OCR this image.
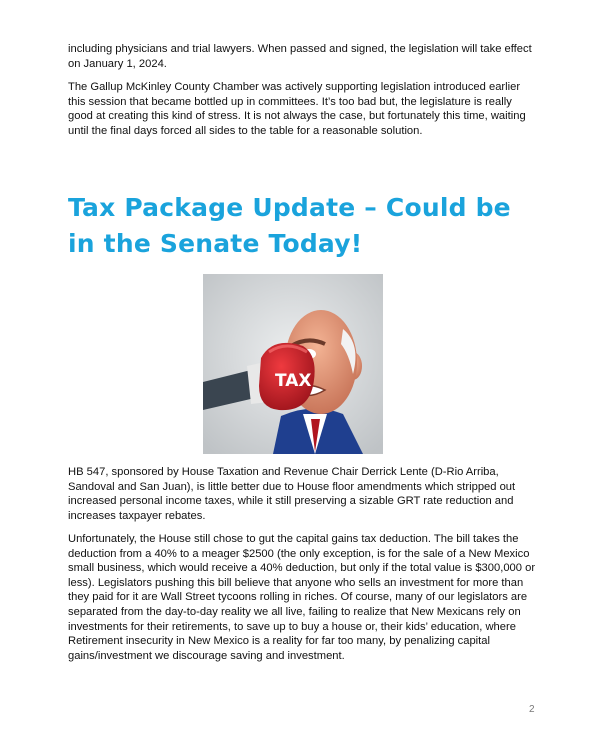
including physicians and trial lawyers. When passed and signed, the legislation will take effect on January 1, 2024.

The Gallup McKinley County Chamber was actively supporting legislation introduced earlier this session that became bottled up in committees. It’s too bad but, the legislature is really good at creating this kind of stress. It is not always the case, but fortunately this time, waiting until the final days forced all sides to the table for a reasonable solution.

Tax Package Update – Could be in the Senate Today!
TAX

HB 547, sponsored by House Taxation and Revenue Chair Derrick Lente (D-Rio Arriba, Sandoval and San Juan), is little better due to House floor amendments which stripped out increased personal income taxes, while it still preserving a sizable GRT rate reduction and increases taxpayer rebates.

Unfortunately, the House still chose to gut the capital gains tax deduction. The bill takes the deduction from a 40% to a meager $2500 (the only exception, is for the sale of a New Mexico small business, which would receive a 40% deduction, but only if the total value is $300,000 or less). Legislators pushing this bill believe that anyone who sells an investment for more than they paid for it are Wall Street tycoons rolling in riches. Of course, many of our legislators are separated from the day-to-day reality we all live, failing to realize that New Mexicans rely on investments for their retirements, to save up to buy a house or, their kids’ education, where Retirement insecurity in New Mexico is a reality for far too many, by penalizing capital gains/investment we discourage saving and investment.

2
